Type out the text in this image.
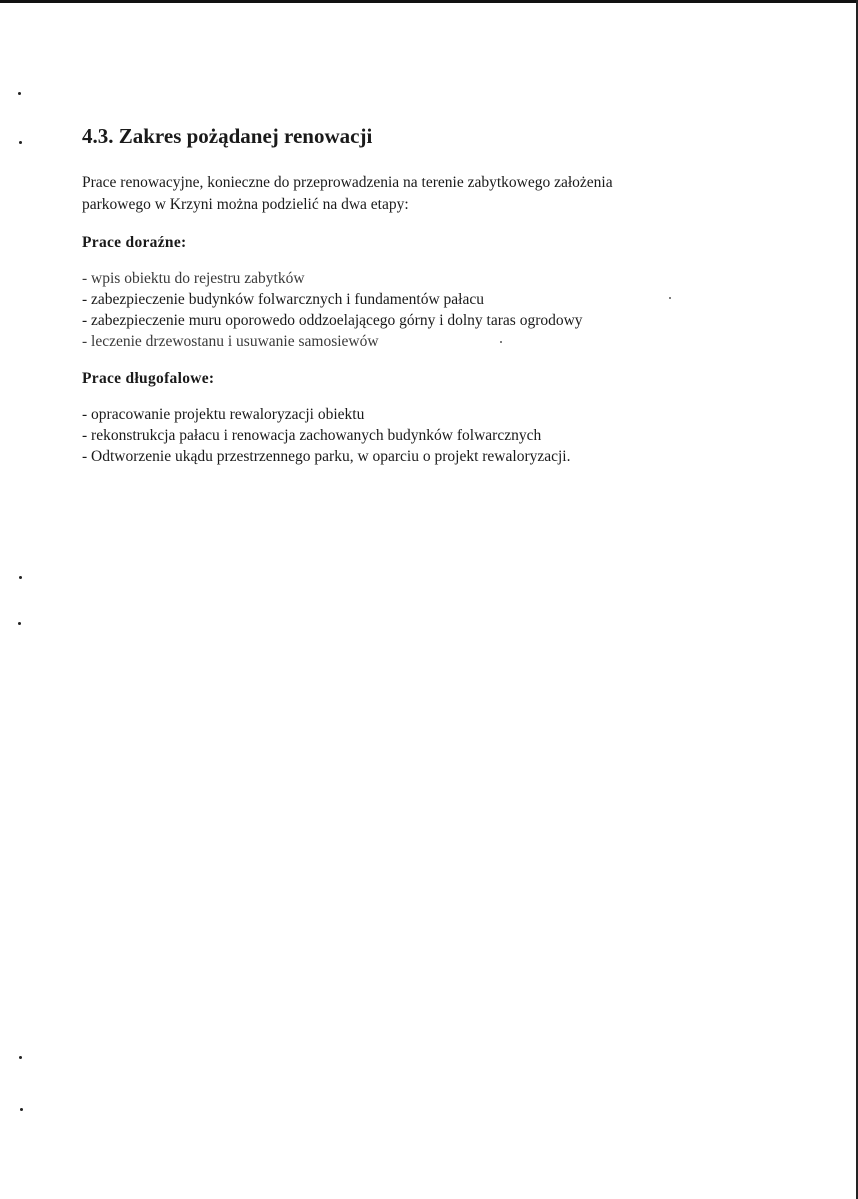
4.3. Zakres pożądanej renowacji

Prace renowacyjne, konieczne do przeprowadzenia na terenie zabytkowego założenia
parkowego w Krzyni można podzielić na dwa etapy:

Prace doraźne:
- wpis obiektu do rejestru zabytków
- zabezpieczenie budynków folwarcznych i fundamentów pałacu
- zabezpieczenie muru oporowedo oddzoelającego górny i dolny taras ogrodowy
- leczenie drzewostanu i usuwanie samosiewów
Prace długofalowe:
- opracowanie projektu rewaloryzacji obiektu
- rekonstrukcja pałacu i renowacja zachowanych budynków folwarcznych
- Odtworzenie ukądu przestrzennego parku, w oparciu o projekt rewaloryzacji.
